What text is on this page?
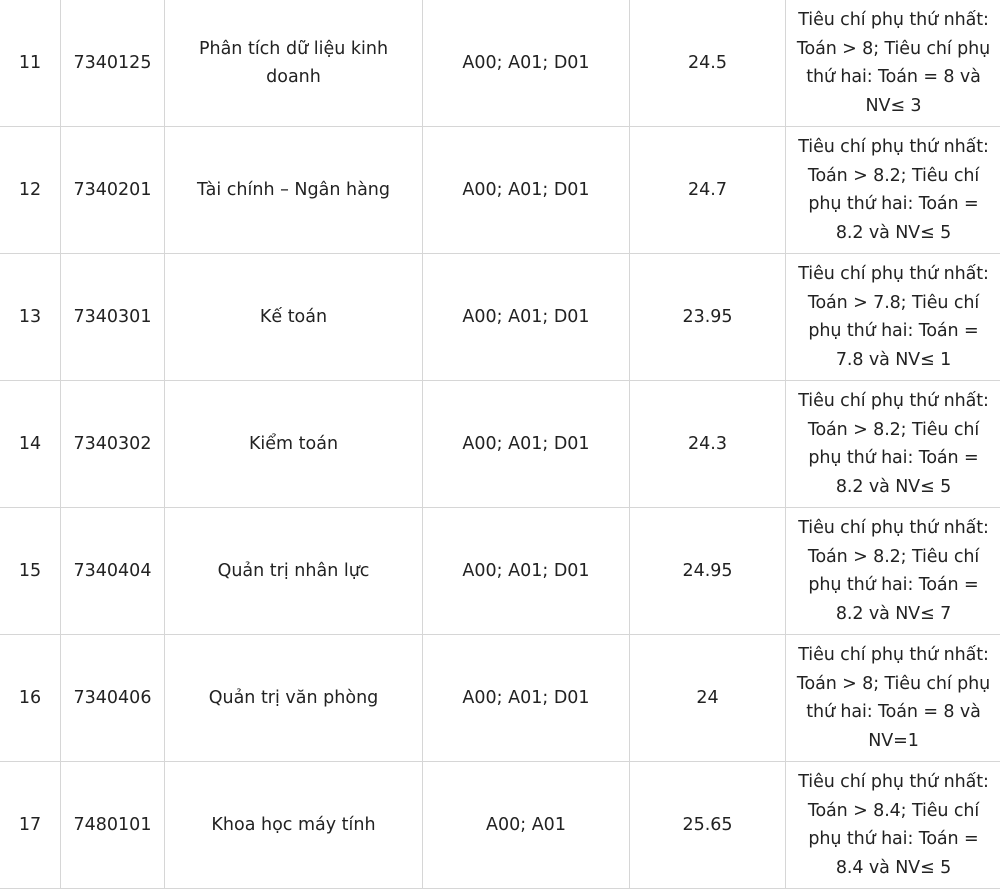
11	7340125	Phân tích dữ liệu kinh doanh	A00; A01; D01	24.5	Tiêu chí phụ thứ nhất:
Toán > 8; Tiêu chí phụ
thứ hai: Toán = 8 và
NV≤ 3
12	7340201	Tài chính – Ngân hàng	A00; A01; D01	24.7	Tiêu chí phụ thứ nhất:
Toán > 8.2; Tiêu chí
phụ thứ hai: Toán =
8.2 và NV≤ 5
13	7340301	Kế toán	A00; A01; D01	23.95	Tiêu chí phụ thứ nhất:
Toán > 7.8; Tiêu chí
phụ thứ hai: Toán =
7.8 và NV≤ 1
14	7340302	Kiểm toán	A00; A01; D01	24.3	Tiêu chí phụ thứ nhất:
Toán > 8.2; Tiêu chí
phụ thứ hai: Toán =
8.2 và NV≤ 5
15	7340404	Quản trị nhân lực	A00; A01; D01	24.95	Tiêu chí phụ thứ nhất:
Toán > 8.2; Tiêu chí
phụ thứ hai: Toán =
8.2 và NV≤ 7
16	7340406	Quản trị văn phòng	A00; A01; D01	24	Tiêu chí phụ thứ nhất:
Toán > 8; Tiêu chí phụ
thứ hai: Toán = 8 và
NV=1
17	7480101	Khoa học máy tính	A00; A01	25.65	Tiêu chí phụ thứ nhất:
Toán > 8.4; Tiêu chí
phụ thứ hai: Toán =
8.4 và NV≤ 5
